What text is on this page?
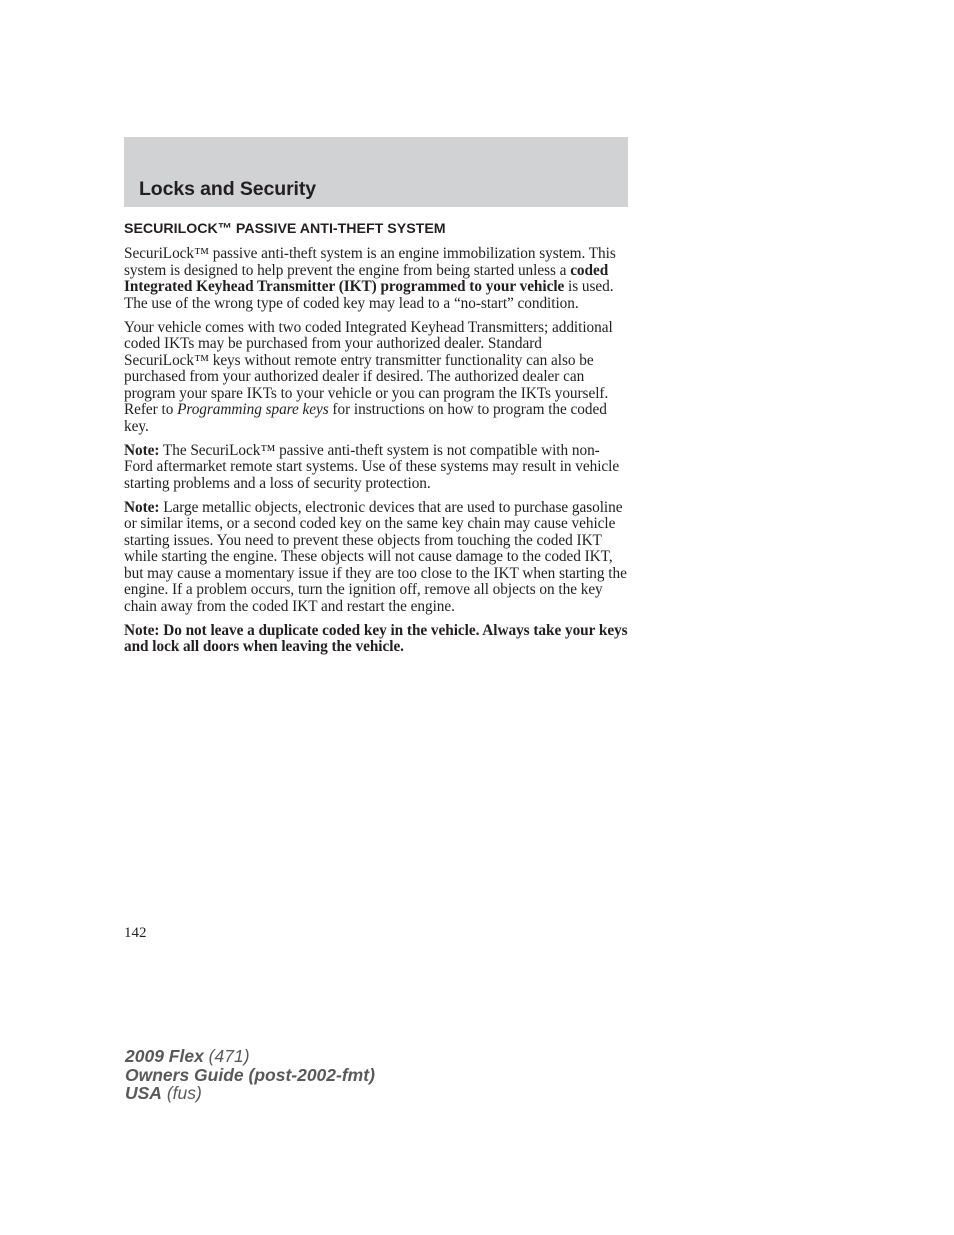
Locks and Security
SECURILOCK™ PASSIVE ANTI-THEFT SYSTEM

SecuriLock™ passive anti-theft system is an engine immobilization system. This system is designed to help prevent the engine from being started unless a coded Integrated Keyhead Transmitter (IKT) programmed to your vehicle is used. The use of the wrong type of coded key may lead to a “no-start” condition.

Your vehicle comes with two coded Integrated Keyhead Transmitters; additional coded IKTs may be purchased from your authorized dealer. Standard SecuriLock™ keys without remote entry transmitter functionality can also be purchased from your authorized dealer if desired. The authorized dealer can program your spare IKTs to your vehicle or you can program the IKTs yourself. Refer to Programming spare keys for instructions on how to program the coded key.

Note: The SecuriLock™ passive anti-theft system is not compatible with non-Ford aftermarket remote start systems. Use of these systems may result in vehicle starting problems and a loss of security protection.

Note: Large metallic objects, electronic devices that are used to purchase gasoline or similar items, or a second coded key on the same key chain may cause vehicle starting issues. You need to prevent these objects from touching the coded IKT while starting the engine. These objects will not cause damage to the coded IKT, but may cause a momentary issue if they are too close to the IKT when starting the engine. If a problem occurs, turn the ignition off, remove all objects on the key chain away from the coded IKT and restart the engine.

Note: Do not leave a duplicate coded key in the vehicle. Always take your keys and lock all doors when leaving the vehicle.

142
2009 Flex (471)
Owners Guide (post-2002-fmt)
USA (fus)
